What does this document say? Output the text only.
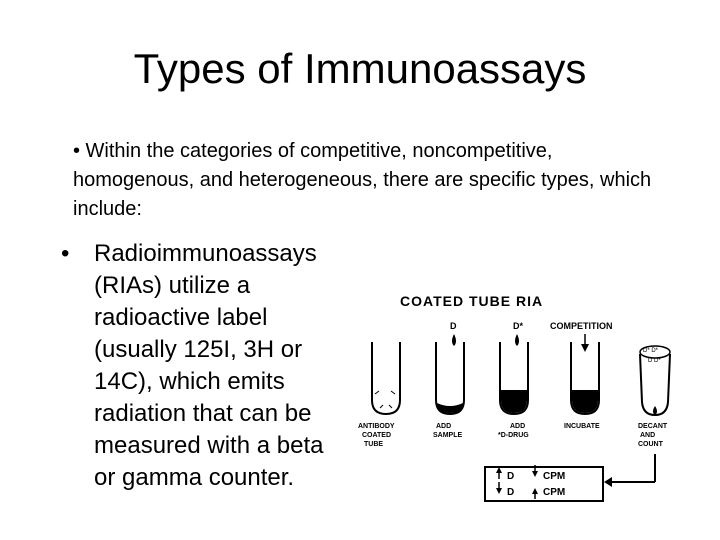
Types of Immunoassays

• Within the categories of competitive, noncompetitive, homogenous, and heterogeneous, there are specific types, which include:

• Radioimmunoassays (RIAs) utilize a radioactive label (usually 125I, 3H or 14C), which emits radiation that can be measured with a beta or gamma counter.
COATED TUBE RIA
D	D*	COMPETITION
D* D*
D D*
ANTIBODY
COATED
TUBE
ADD
SAMPLE
ADD
*D-DRUG
INCUBATE	DECANT
AND
COUNT
D	CPM
D	CPM
